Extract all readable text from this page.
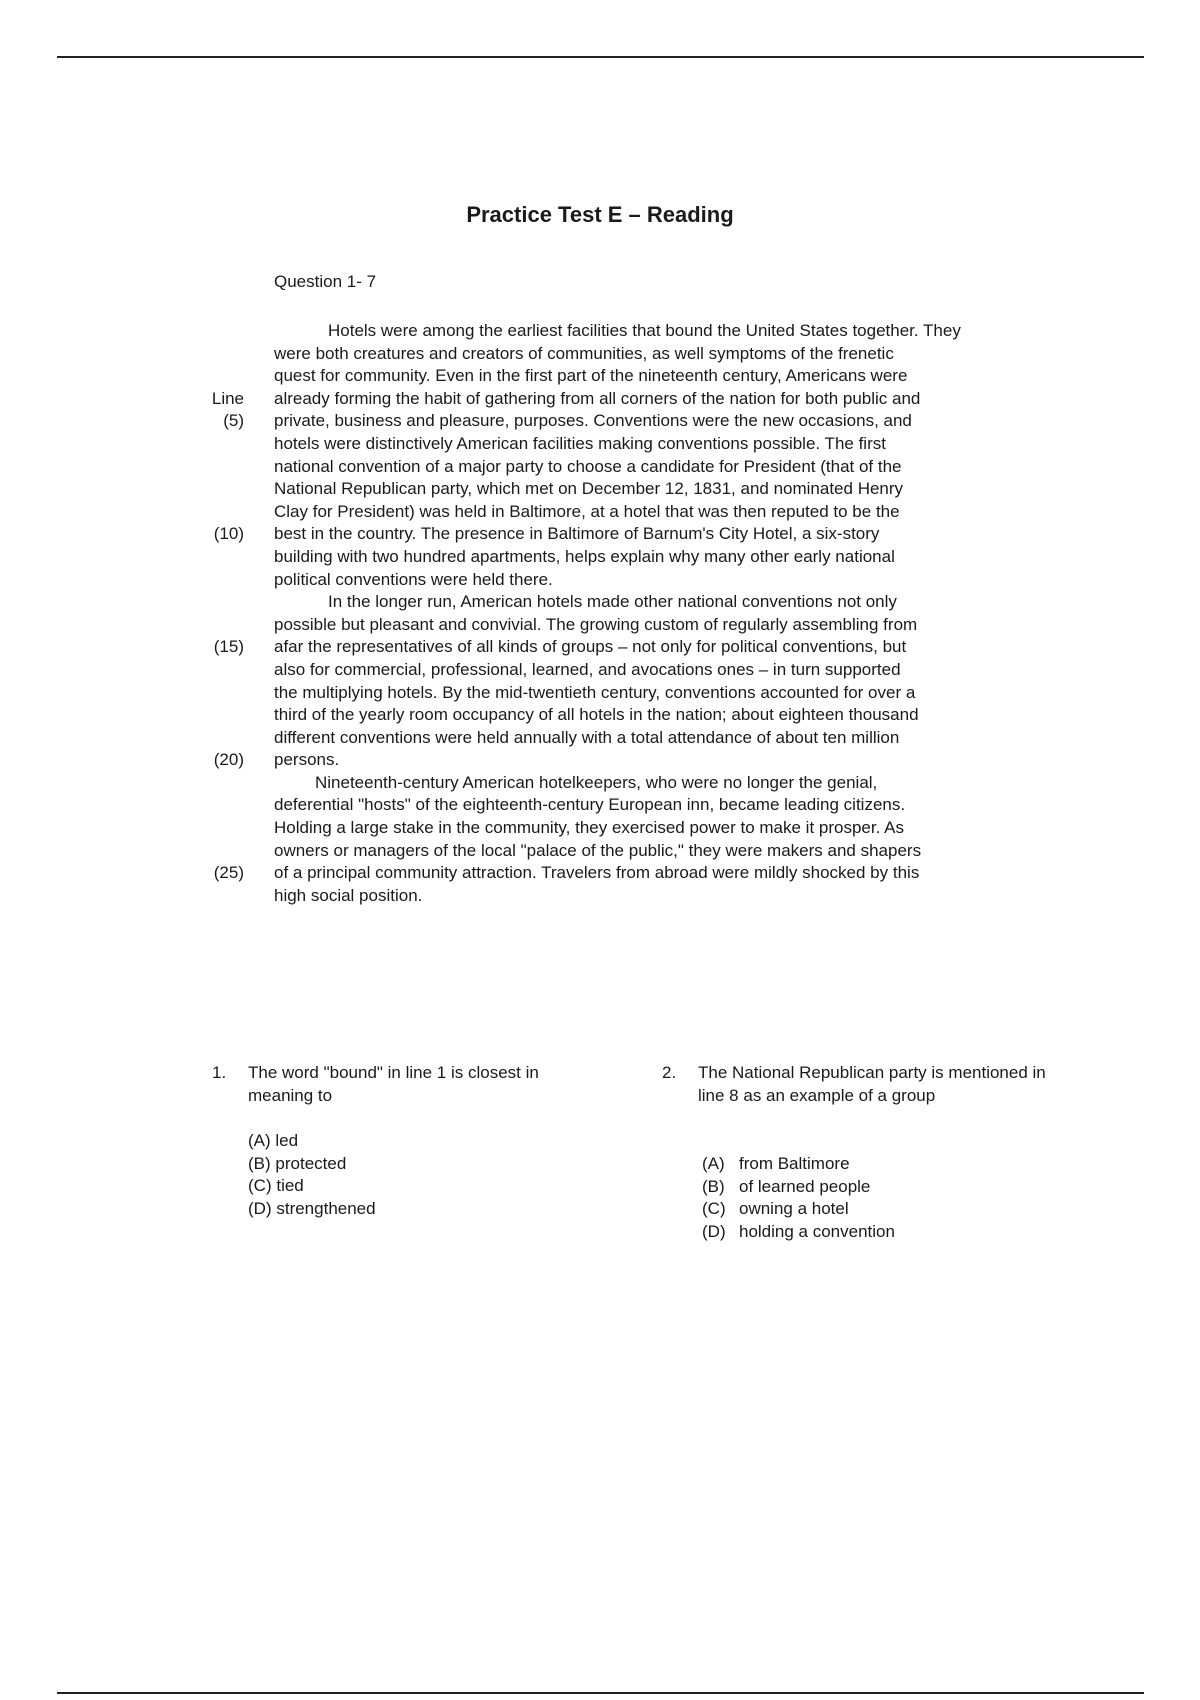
Practice Test E – Reading
Question 1- 7
Hotels were among the earliest facilities that bound the United States together. They
were both creatures and creators of communities, as well symptoms of the frenetic
quest for community. Even in the first part of the nineteenth century, Americans were
Line already forming the habit of gathering from all corners of the nation for both public and
(5) private, business and pleasure, purposes. Conventions were the new occasions, and
hotels were distinctively American facilities making conventions possible. The first
national convention of a major party to choose a candidate for President (that of the
National Republican party, which met on December 12, 1831, and nominated Henry
Clay for President) was held in Baltimore, at a hotel that was then reputed to be the
(10) best in the country. The presence in Baltimore of Barnum's City Hotel, a six-story
building with two hundred apartments, helps explain why many other early national
political conventions were held there.
In the longer run, American hotels made other national conventions not only
possible but pleasant and convivial. The growing custom of regularly assembling from
(15) afar the representatives of all kinds of groups – not only for political conventions, but
also for commercial, professional, learned, and avocations ones – in turn supported
the multiplying hotels. By the mid-twentieth century, conventions accounted for over a
third of the yearly room occupancy of all hotels in the nation; about eighteen thousand
different conventions were held annually with a total attendance of about ten million
(20) persons.
Nineteenth-century American hotelkeepers, who were no longer the genial,
deferential "hosts" of the eighteenth-century European inn, became leading citizens.
Holding a large stake in the community, they exercised power to make it prosper. As
owners or managers of the local "palace of the public," they were makers and shapers
(25) of a principal community attraction. Travelers from abroad were mildly shocked by this
high social position.
1. The word "bound" in line 1 is closest in meaning to
(A) led
(B) protected
(C) tied
(D) strengthened
2. The National Republican party is mentioned in line 8 as an example of a group
(A) from Baltimore
(B) of learned people
(C) owning a hotel
(D) holding a convention
